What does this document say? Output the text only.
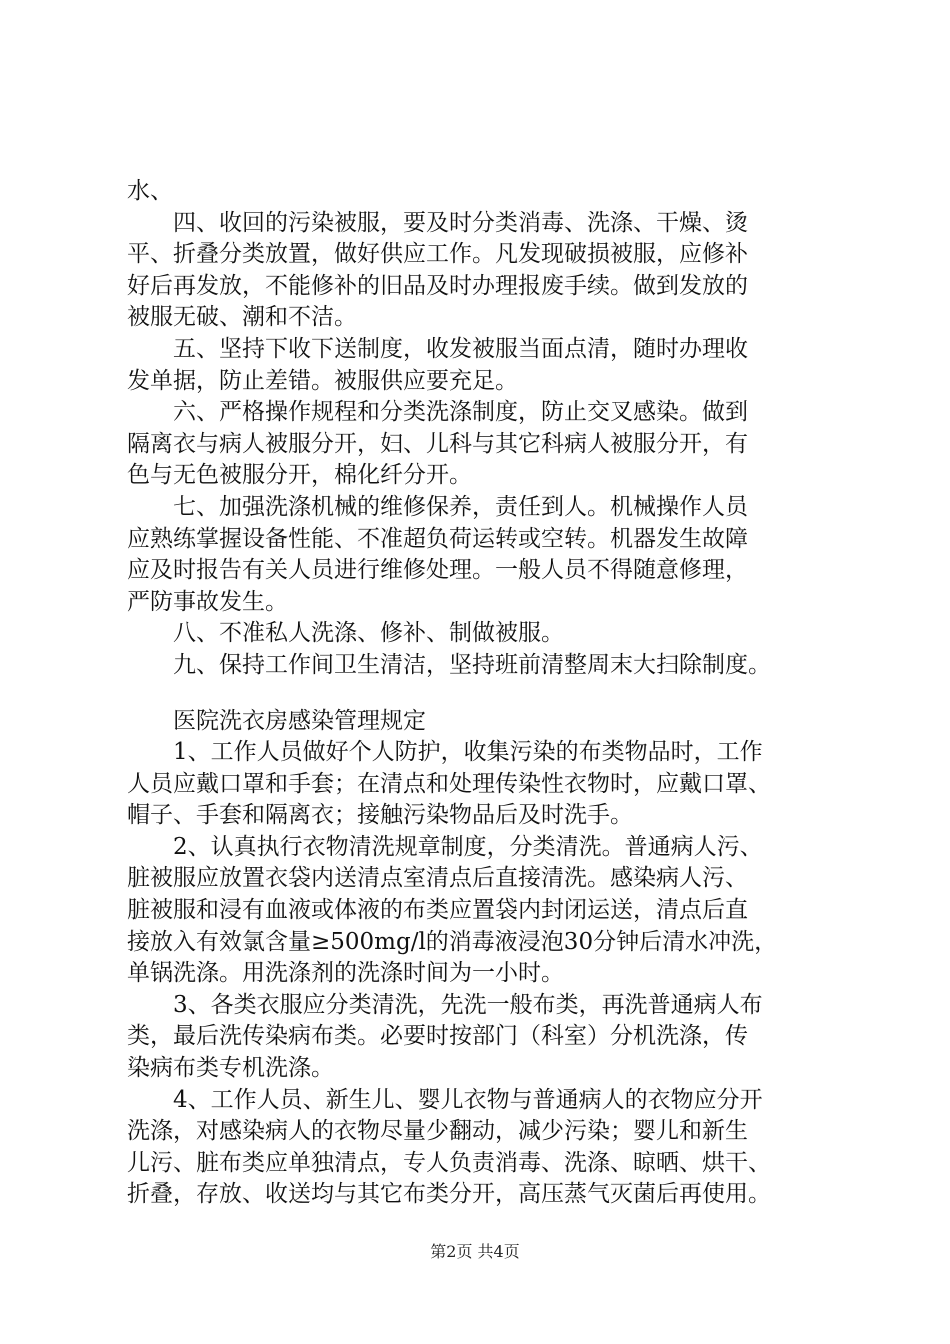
水、
四、收回的污染被服，要及时分类消毒、洗涤、干燥、烫
平、折叠分类放置，做好供应工作。凡发现破损被服，应修补
好后再发放，不能修补的旧品及时办理报废手续。做到发放的
被服无破、潮和不洁。
五、坚持下收下送制度，收发被服当面点清，随时办理收
发单据，防止差错。被服供应要充足。
六、严格操作规程和分类洗涤制度，防止交叉感染。做到
隔离衣与病人被服分开，妇、儿科与其它科病人被服分开，有
色与无色被服分开，棉化纤分开。
七、加强洗涤机械的维修保养，责任到人。机械操作人员
应熟练掌握设备性能、不准超负荷运转或空转。机器发生故障
应及时报告有关人员进行维修处理。一般人员不得随意修理，
严防事故发生。
八、不准私人洗涤、修补、制做被服。
九、保持工作间卫生清洁，坚持班前清整周末大扫除制度。
医院洗衣房感染管理规定
1、工作人员做好个人防护，收集污染的布类物品时，工作
人员应戴口罩和手套；在清点和处理传染性衣物时，应戴口罩、
帽子、手套和隔离衣；接触污染物品后及时洗手。
2、认真执行衣物清洗规章制度，分类清洗。普通病人污、
脏被服应放置衣袋内送清点室清点后直接清洗。感染病人污、
脏被服和浸有血液或体液的布类应置袋内封闭运送，清点后直
接放入有效氯含量≥500mg/l的消毒液浸泡30分钟后清水冲洗，
单锅洗涤。用洗涤剂的洗涤时间为一小时。
3、各类衣服应分类清洗，先洗一般布类，再洗普通病人布
类，最后洗传染病布类。必要时按部门（科室）分机洗涤，传
染病布类专机洗涤。
4、工作人员、新生儿、婴儿衣物与普通病人的衣物应分开
洗涤，对感染病人的衣物尽量少翻动，减少污染；婴儿和新生
儿污、脏布类应单独清点，专人负责消毒、洗涤、晾晒、烘干、
折叠，存放、收送均与其它布类分开，高压蒸气灭菌后再使用。
第2页 共4页
